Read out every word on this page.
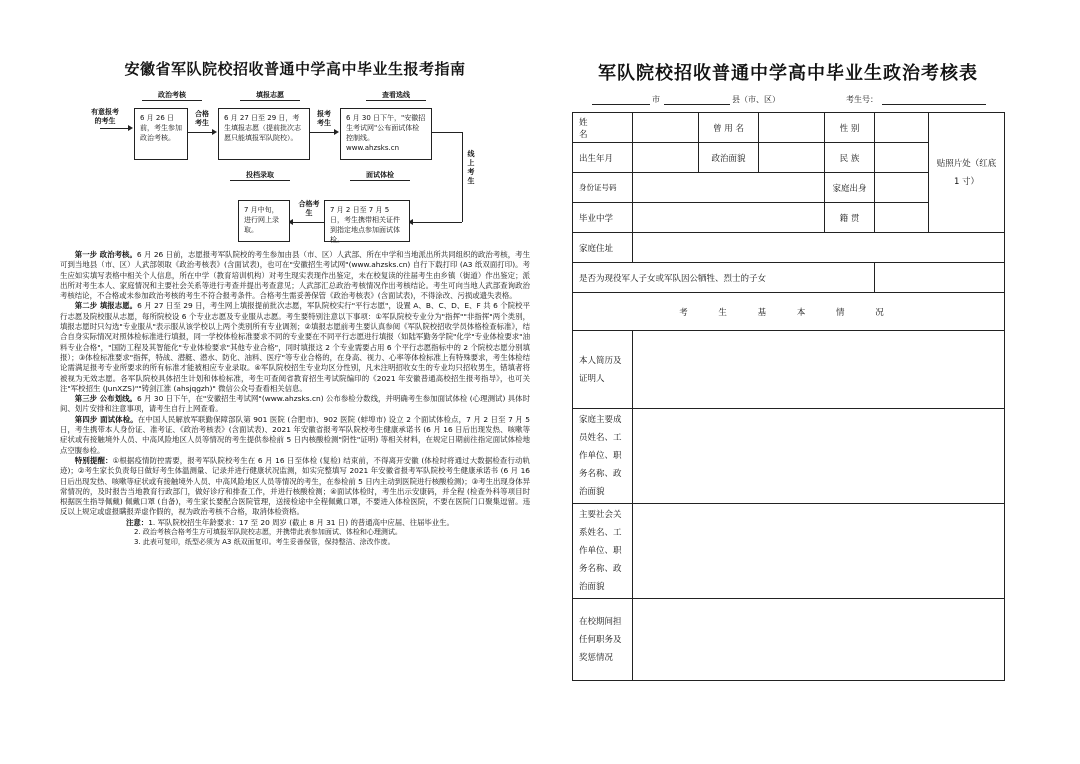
安徽省军队院校招收普通中学高中毕业生报考指南
政治考核	填报志愿	查看选线
投档录取	面试体检
有意报考的考生	6 月 26 日前，考生参加政治考核。
合格考生
6 月 27 日至 29 日，考生填报志愿（提前批次志愿只能填报军队院校）。
报考考生
6 月 30 日下午，"安徽招生考试网"公布面试体检控制线。www.ahzsks.cn
线上考生
7 月 2 日至 7 月 5 日，考生携带相关证件到指定地点参加面试体检。
合格考生
7 月中旬，进行网上录取。

第一步 政治考核。6 月 26 日前，志愿报考军队院校的考生参加由县（市、区）人武部、所在中学和当地派出所共同组织的政治考核，考生可到当地县（市、区）人武部领取《政治考核表》(含面试表)，也可在"安徽招生考试网"(www.ahzsks.cn) 自行下载打印 (A3 纸双面打印)。考生应如实填写表格中相关个人信息，所在中学（教育培训机构）对考生现实表现作出鉴定，未在校复读的往届考生由乡镇（街道）作出鉴定；派出所对考生本人、家庭情况和主要社会关系等进行考查并提出考查意见；人武部汇总政治考核情况作出考核结论。考生可向当地人武部查询政治考核结论，不合格或未参加政治考核的考生不符合报考条件。合格考生需妥善保管《政治考核表》(含面试表)，不得涂改、污损或遗失表格。

第二步 填报志愿。6 月 27 日至 29 日，考生网上填报提前批次志愿，军队院校实行"平行志愿"，设置 A、B、C、D、E、F 共 6 个院校平行志愿及院校服从志愿，每所院校设 6 个专业志愿及专业服从志愿。考生要特别注意以下事项：①军队院校专业分为"指挥""非指挥"两个类别，填报志愿时只勾选"专业服从"表示服从该学校以上两个类别所有专业调剂；②填报志愿前考生要认真参阅《军队院校招收学员体格检查标准》，结合自身实际情况对照体检标准进行填报，同一学校体检标准要求不同的专业要在不同平行志愿进行填报（如陆军勤务学院"化学"专业体检要求"油料专业合格"，"国防工程及其智能化"专业体检要求"其他专业合格"，同时填报这 2 个专业需要占用 6 个平行志愿指标中的 2 个院校志愿分别填报）；③体检标准要求"指挥，特战、潜艇、潜水、防化、油料、医疗"等专业合格的，在身高、视力、心率等体检标准上有特殊要求，考生体检结论需满足报考专业所要求的所有标准才能被相应专业录取。④军队院校招生专业均区分性别，凡未注明招收女生的专业均只招收男生，错填者将被视为无效志愿。各军队院校具体招生计划和体检标准，考生可查阅省教育招生考试院编印的《2021 年安徽普通高校招生报考指导》，也可关注"军校招生 (JunXZS)""铸剑江淮 (ahsjqgzh)" 微信公众号查看相关信息。

第三步 公布划线。6 月 30 日下午，在"安徽招生考试网"(www.ahzsks.cn) 公布参检分数线，并明确考生参加面试体检 (心理测试) 具体时间、划片安排和注意事项，请考生自行上网查看。

第四步 面试体检。在中国人民解放军联勤保障部队第 901 医院 (合肥市)、902 医院 (蚌埠市) 设立 2 个面试体检点，7 月 2 日至 7 月 5 日，考生携带本人身份证、准考证、《政治考核表》(含面试表)、2021 年安徽省报考军队院校考生健康承诺书 (6 月 16 日后出现发热、咳嗽等症状或有接触境外人员、中高风险地区人员等情况的考生提供参检前 5 日内核酸检测"阴性"证明) 等相关材料，在规定日期前往指定面试体检地点空腹参检。

特别提醒：①根据疫情防控需要，报考军队院校考生在 6 月 16 日至体检 (复检) 结束前，不得离开安徽 (体检时将通过大数据检查行动轨迹)；②考生家长负责每日做好考生体温测量、记录并进行健康状况监测，如实完整填写 2021 年安徽省报考军队院校考生健康承诺书 (6 月 16 日后出现发热、咳嗽等症状或有接触境外人员、中高风险地区人员等情况的考生，在参检前 5 日内主动到医院进行核酸检测)；③考生出现身体异常情况的，及时报告当地教育行政部门，做好诊疗和排查工作，并进行核酸检测；④面试体检时，考生出示安康码，并全程 (检查外科等项目时根据医生指导佩戴) 佩戴口罩 (自备)，考生家长要配合医院管理，送接检途中全程佩戴口罩，不要进入体检医院，不要在医院门口聚集逗留。违反以上规定或虚报瞒报弄虚作假的，视为政治考核不合格，取消体检资格。

注意：1. 军队院校招生年龄要求：17 至 20 周岁 (截止 8 月 31 日) 的普通高中应届、往届毕业生。

2. 政治考核合格考生方可填报军队院校志愿，并携带此表参加面试、体检和心理测试。

3. 此表可复印，纸型必须为 A3 纸双面复印。考生妥善保管，保持整洁、涂改作废。

军队院校招收普通中学高中毕业生政治考核表
市	县（市、区）	考生号：
姓 名		曾 用 名		性 别		贴照片处（红底 1 寸）
出生年月		政治面貌		民 族		
身份证号码				家庭出身		
毕业中学				籍 贯		
家庭住址						
是否为现役军人子女或军队因公牺牲、烈士的子女						
考 生 基 本 情 况						
本人简历及证明人						
家庭主要成员姓名、工作单位、职务名称、政治面貌						
主要社会关系姓名、工作单位、职务名称、政治面貌						
在校期间担任何职务及奖惩情况						
